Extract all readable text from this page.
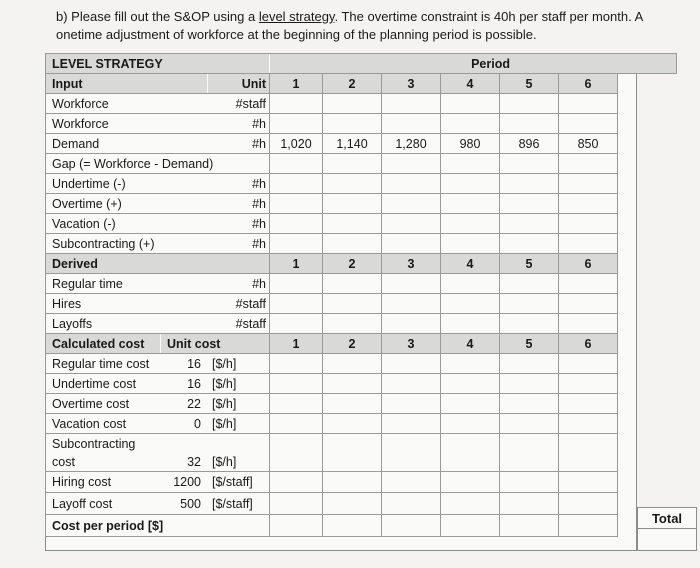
b) Please fill out the S&OP using a level strategy. The overtime constraint is 40h per staff per month. A
onetime adjustment of workforce at the beginning of the planning period is possible.
LEVEL STRATEGY			Period					
Input		Unit	1	2	3	4	5	6
Workforce		#staff						
Workforce		#h						
Demand		#h	1,020	1,140	1,280	980	896	850
Gap (= Workforce - Demand)								
Undertime (-)		#h						
Overtime (+)		#h						
Vacation (-)		#h						
Subcontracting (+)		#h						
Derived			1	2	3	4	5	6
Regular time		#h						
Hires		#staff						
Layoffs		#staff						
Calculated cost	Unit cost		1	2	3	4	5	6
Regular time cost	16	[$/h]						
Undertime cost	16	[$/h]						
Overtime cost	22	[$/h]						
Vacation cost	0	[$/h]						

Subcontracting
cost	32	[$/h]						
Hiring cost	1200	[$/staff]						
Layoff cost	500	[$/staff]						
Cost per period [$]									Total
